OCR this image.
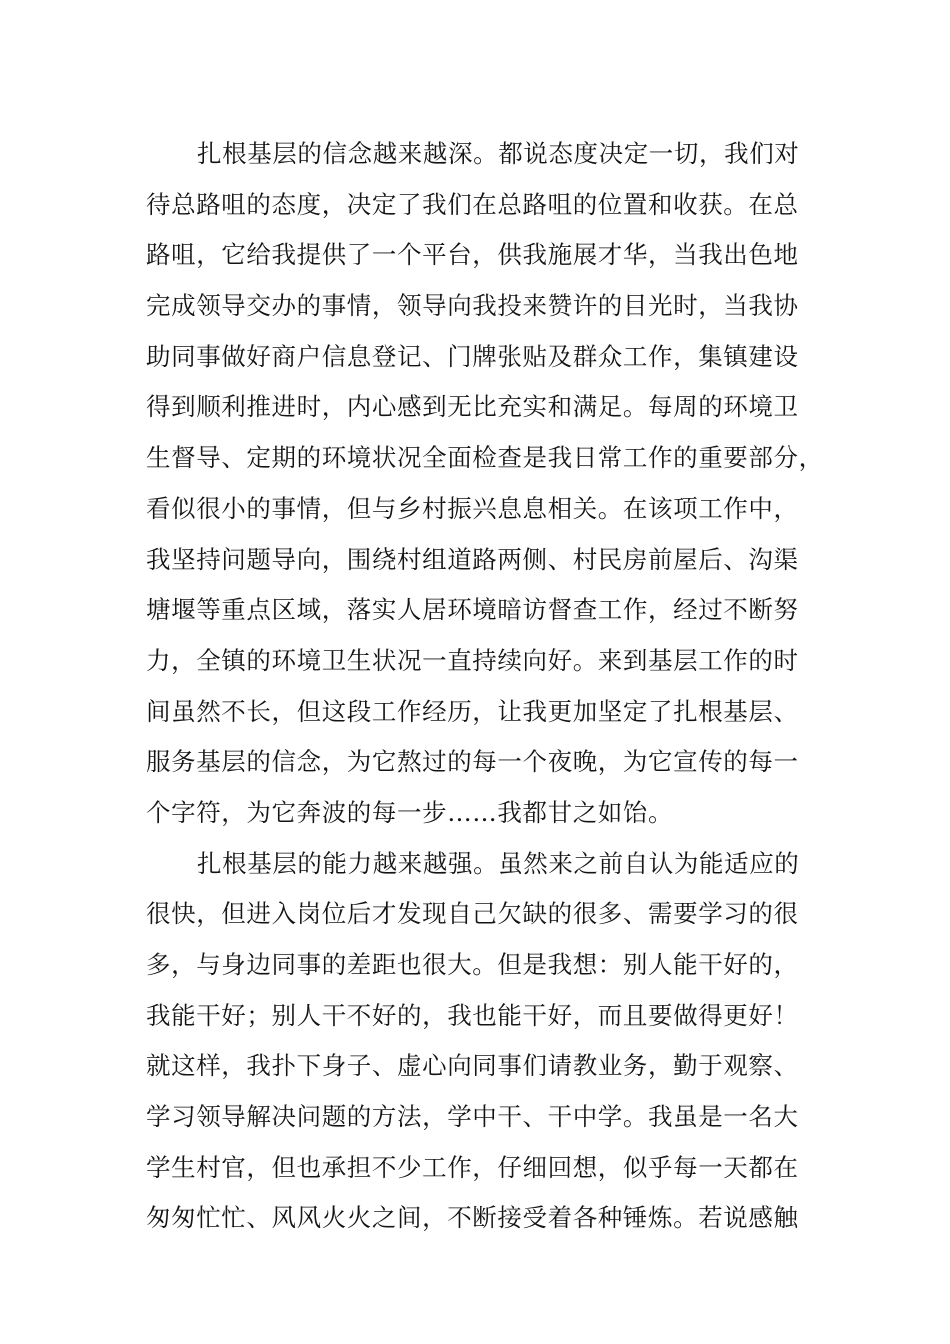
扎根基层的信念越来越深。都说态度决定一切，我们对
待总路咀的态度，决定了我们在总路咀的位置和收获。在总
路咀，它给我提供了一个平台，供我施展才华，当我出色地
完成领导交办的事情，领导向我投来赞许的目光时，当我协
助同事做好商户信息登记、门牌张贴及群众工作，集镇建设
得到顺利推进时，内心感到无比充实和满足。每周的环境卫
生督导、定期的环境状况全面检查是我日常工作的重要部分，
看似很小的事情，但与乡村振兴息息相关。在该项工作中，
我坚持问题导向，围绕村组道路两侧、村民房前屋后、沟渠
塘堰等重点区域，落实人居环境暗访督查工作，经过不断努
力，全镇的环境卫生状况一直持续向好。来到基层工作的时
间虽然不长，但这段工作经历，让我更加坚定了扎根基层、
服务基层的信念，为它熬过的每一个夜晚，为它宣传的每一
个字符，为它奔波的每一步……我都甘之如饴。
扎根基层的能力越来越强。虽然来之前自认为能适应的
很快，但进入岗位后才发现自己欠缺的很多、需要学习的很
多，与身边同事的差距也很大。但是我想：别人能干好的，
我能干好；别人干不好的，我也能干好，而且要做得更好！
就这样，我扑下身子、虚心向同事们请教业务，勤于观察、
学习领导解决问题的方法，学中干、干中学。我虽是一名大
学生村官，但也承担不少工作，仔细回想，似乎每一天都在
匆匆忙忙、风风火火之间，不断接受着各种锤炼。若说感触
